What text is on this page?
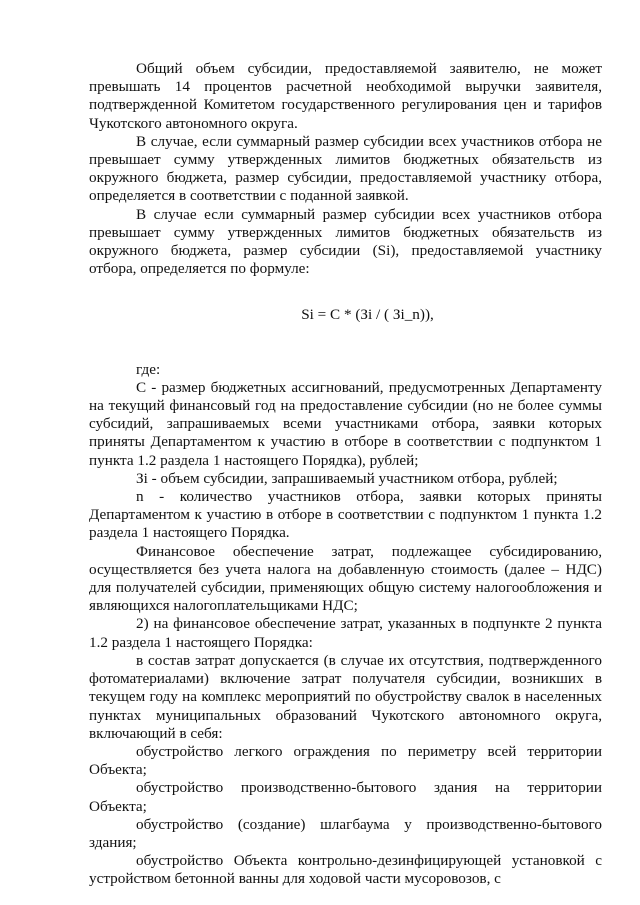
Общий объем субсидии, предоставляемой заявителю, не может превышать 14 процентов расчетной необходимой выручки заявителя, подтвержденной Комитетом государственного регулирования цен и тарифов Чукотского автономного округа.

В случае, если суммарный размер субсидии всех участников отбора не превышает сумму утвержденных лимитов бюджетных обязательств из окружного бюджета, размер субсидии, предоставляемой участнику отбора, определяется в соответствии с поданной заявкой.

В случае если суммарный размер субсидии всех участников отбора превышает сумму утвержденных лимитов бюджетных обязательств из окружного бюджета, размер субсидии (Si), предоставляемой участнику отбора, определяется по формуле:

Si = C * (Зi / ( Зi_n)),

где:

С - размер бюджетных ассигнований, предусмотренных Департаменту на текущий финансовый год на предоставление субсидии (но не более суммы субсидий, запрашиваемых всеми участниками отбора, заявки которых приняты Департаментом к участию в отборе в соответствии с подпунктом 1 пункта 1.2 раздела 1 настоящего Порядка), рублей;

Зi - объем субсидии, запрашиваемый участником отбора, рублей;

n - количество участников отбора, заявки которых приняты Департаментом к участию в отборе в соответствии с подпунктом 1 пункта 1.2 раздела 1 настоящего Порядка.

Финансовое обеспечение затрат, подлежащее субсидированию, осуществляется без учета налога на добавленную стоимость (далее – НДС) для получателей субсидии, применяющих общую систему налогообложения и являющихся налогоплательщиками НДС;

2) на финансовое обеспечение затрат, указанных в подпункте 2 пункта 1.2 раздела 1 настоящего Порядка:

в состав затрат допускается (в случае их отсутствия, подтвержденного фотоматериалами) включение затрат получателя субсидии, возникших в текущем году на комплекс мероприятий по обустройству свалок в населенных пунктах муниципальных образований Чукотского автономного округа, включающий в себя:

обустройство легкого ограждения по периметру всей территории Объекта;

обустройство производственно-бытового здания на территории Объекта;

обустройство (создание) шлагбаума у производственно-бытового здания;

обустройство Объекта контрольно-дезинфицирующей установкой с устройством бетонной ванны для ходовой части мусоровозов, с
